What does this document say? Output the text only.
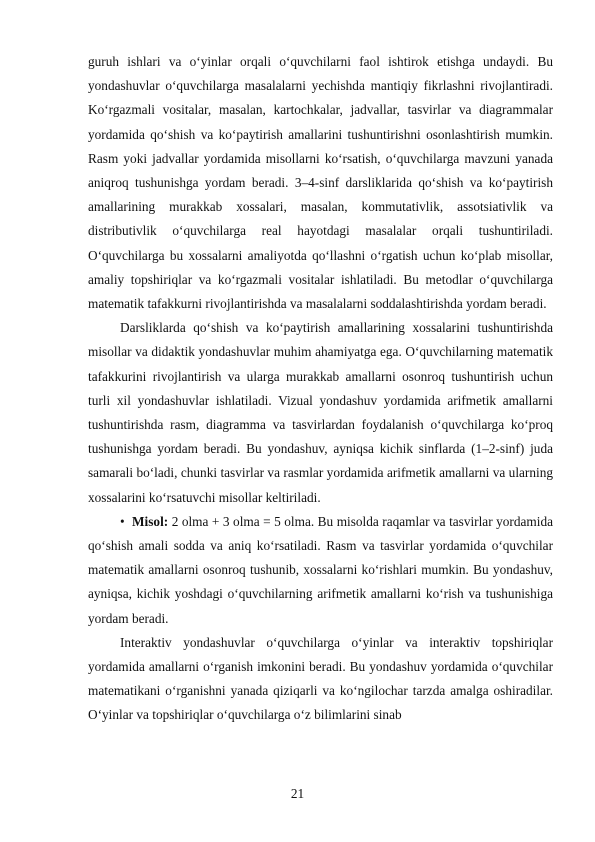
guruh ishlari va o‘yinlar orqali o‘quvchilarni faol ishtirok etishga undaydi. Bu yondashuvlar o‘quvchilarga masalalarni yechishda mantiqiy fikrlashni rivojlantiradi. Ko‘rgazmali vositalar, masalan, kartochkalar, jadvallar, tasvirlar va diagrammalar yordamida qo‘shish va ko‘paytirish amallarini tushuntirishni osonlashtirish mumkin. Rasm yoki jadvallar yordamida misollarni ko‘rsatish, o‘quvchilarga mavzuni yanada aniqroq tushunishga yordam beradi. 3–4-sinf darsliklarida qo‘shish va ko‘paytirish amallarining murakkab xossalari, masalan, kommutativlik, assotsiativlik va distributivlik o‘quvchilarga real hayotdagi masalalar orqali tushuntiriladi. O‘quvchilarga bu xossalarni amaliyotda qo‘llashni o‘rgatish uchun ko‘plab misollar, amaliy topshiriqlar va ko‘rgazmali vositalar ishlatiladi. Bu metodlar o‘quvchilarga matematik tafakkurni rivojlantirishda va masalalarni soddalashtirishda yordam beradi.

Darsliklarda qo‘shish va ko‘paytirish amallarining xossalarini tushuntirishda misollar va didaktik yondashuvlar muhim ahamiyatga ega. O‘quvchilarning matematik tafakkurini rivojlantirish va ularga murakkab amallarni osonroq tushuntirish uchun turli xil yondashuvlar ishlatiladi. Vizual yondashuv yordamida arifmetik amallarni tushuntirishda rasm, diagramma va tasvirlardan foydalanish o‘quvchilarga ko‘proq tushunishga yordam beradi. Bu yondashuv, ayniqsa kichik sinflarda (1–2-sinf) juda samarali bo‘ladi, chunki tasvirlar va rasmlar yordamida arifmetik amallarni va ularning xossalarini ko‘rsatuvchi misollar keltiriladi.

• Misol: 2 olma + 3 olma = 5 olma. Bu misolda raqamlar va tasvirlar yordamida qo‘shish amali sodda va aniq ko‘rsatiladi. Rasm va tasvirlar yordamida o‘quvchilar matematik amallarni osonroq tushunib, xossalarni ko‘rishlari mumkin. Bu yondashuv, ayniqsa, kichik yoshdagi o‘quvchilarning arifmetik amallarni ko‘rish va tushunishiga yordam beradi.

Interaktiv yondashuvlar o‘quvchilarga o‘yinlar va interaktiv topshiriqlar yordamida amallarni o‘rganish imkonini beradi. Bu yondashuv yordamida o‘quvchilar matematikani o‘rganishni yanada qiziqarli va ko‘ngilochar tarzda amalga oshiradilar. O‘yinlar va topshiriqlar o‘quvchilarga o‘z bilimlarini sinab

21
